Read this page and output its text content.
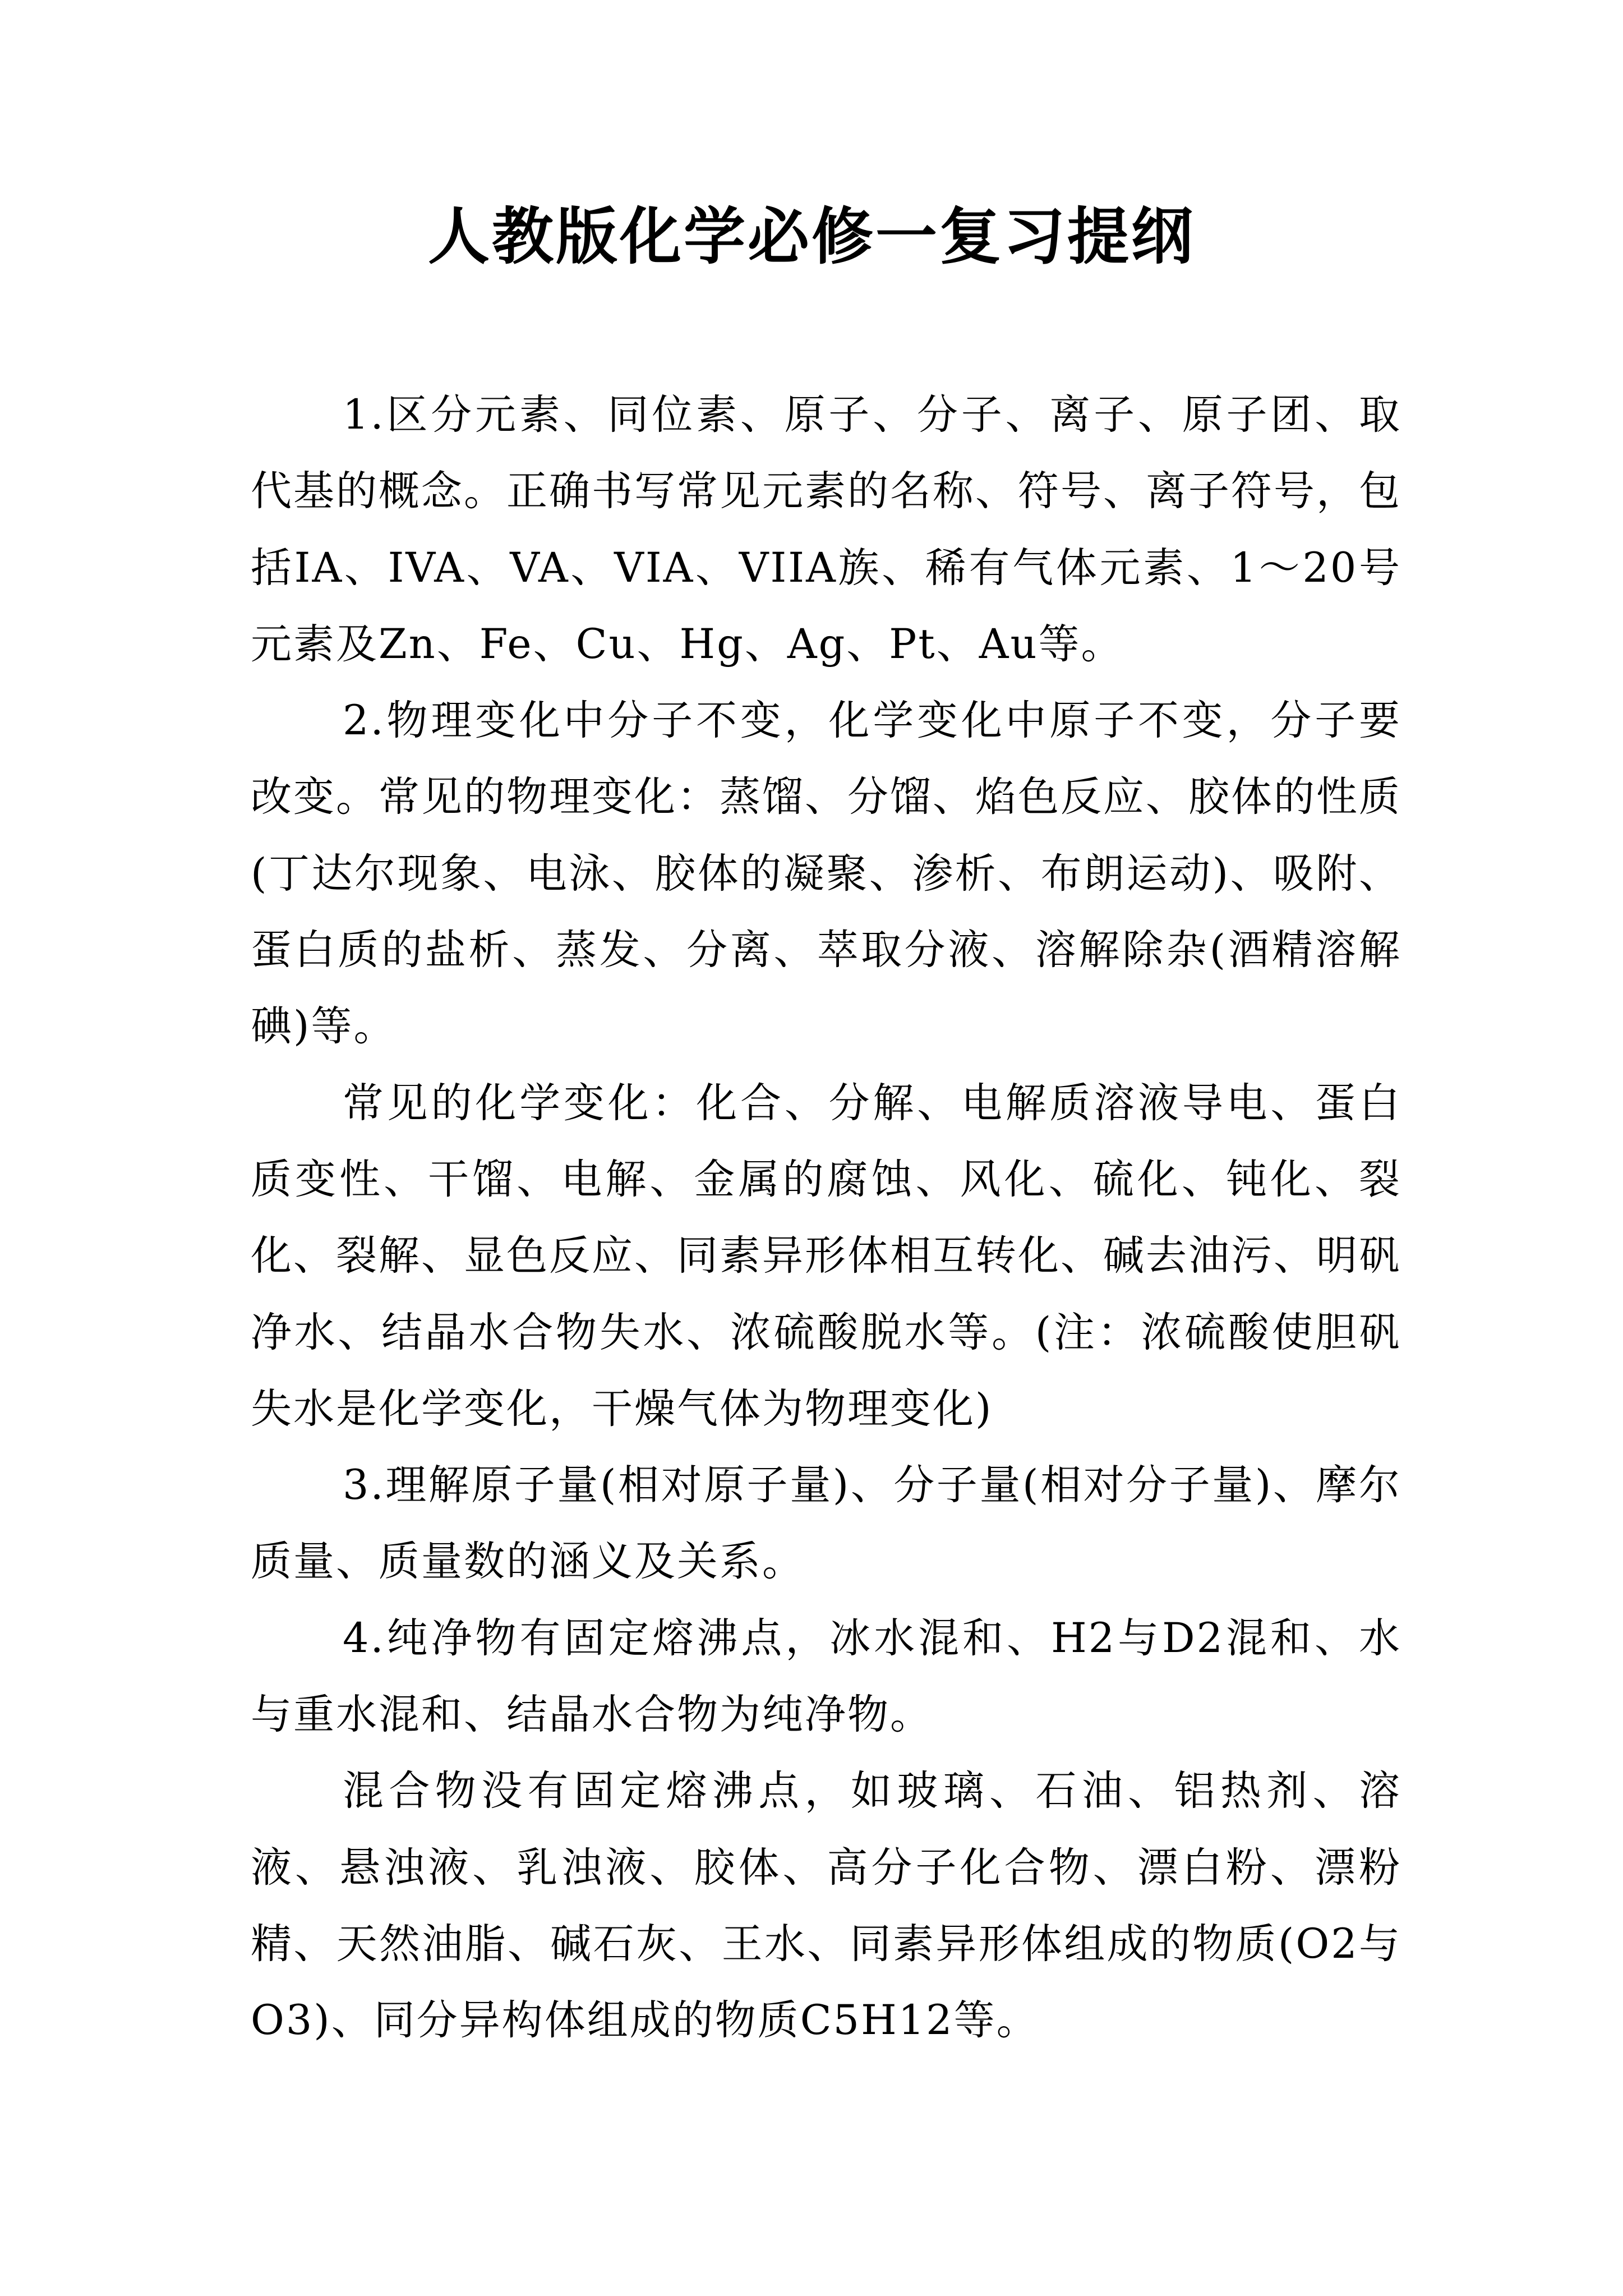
人教版化学必修一复习提纲

1.区分元素、同位素、原子、分子、离子、原子团、取代基的概念。正确书写常见元素的名称、符号、离子符号，包括IA、IVA、VA、VIA、VIIA族、稀有气体元素、1～20号元素及Zn、Fe、Cu、Hg、Ag、Pt、Au等。

2.物理变化中分子不变，化学变化中原子不变，分子要改变。常见的物理变化：蒸馏、分馏、焰色反应、胶体的性质(丁达尔现象、电泳、胶体的凝聚、渗析、布朗运动)、吸附、蛋白质的盐析、蒸发、分离、萃取分液、溶解除杂(酒精溶解碘)等。

常见的化学变化：化合、分解、电解质溶液导电、蛋白质变性、干馏、电解、金属的腐蚀、风化、硫化、钝化、裂化、裂解、显色反应、同素异形体相互转化、碱去油污、明矾净水、结晶水合物失水、浓硫酸脱水等。(注：浓硫酸使胆矾失水是化学变化，干燥气体为物理变化)

3.理解原子量(相对原子量)、分子量(相对分子量)、摩尔质量、质量数的涵义及关系。

4.纯净物有固定熔沸点，冰水混和、H2与D2混和、水与重水混和、结晶水合物为纯净物。

混合物没有固定熔沸点，如玻璃、石油、铝热剂、溶液、悬浊液、乳浊液、胶体、高分子化合物、漂白粉、漂粉精、天然油脂、碱石灰、王水、同素异形体组成的物质(O2与O3)、同分异构体组成的物质C5H12等。
